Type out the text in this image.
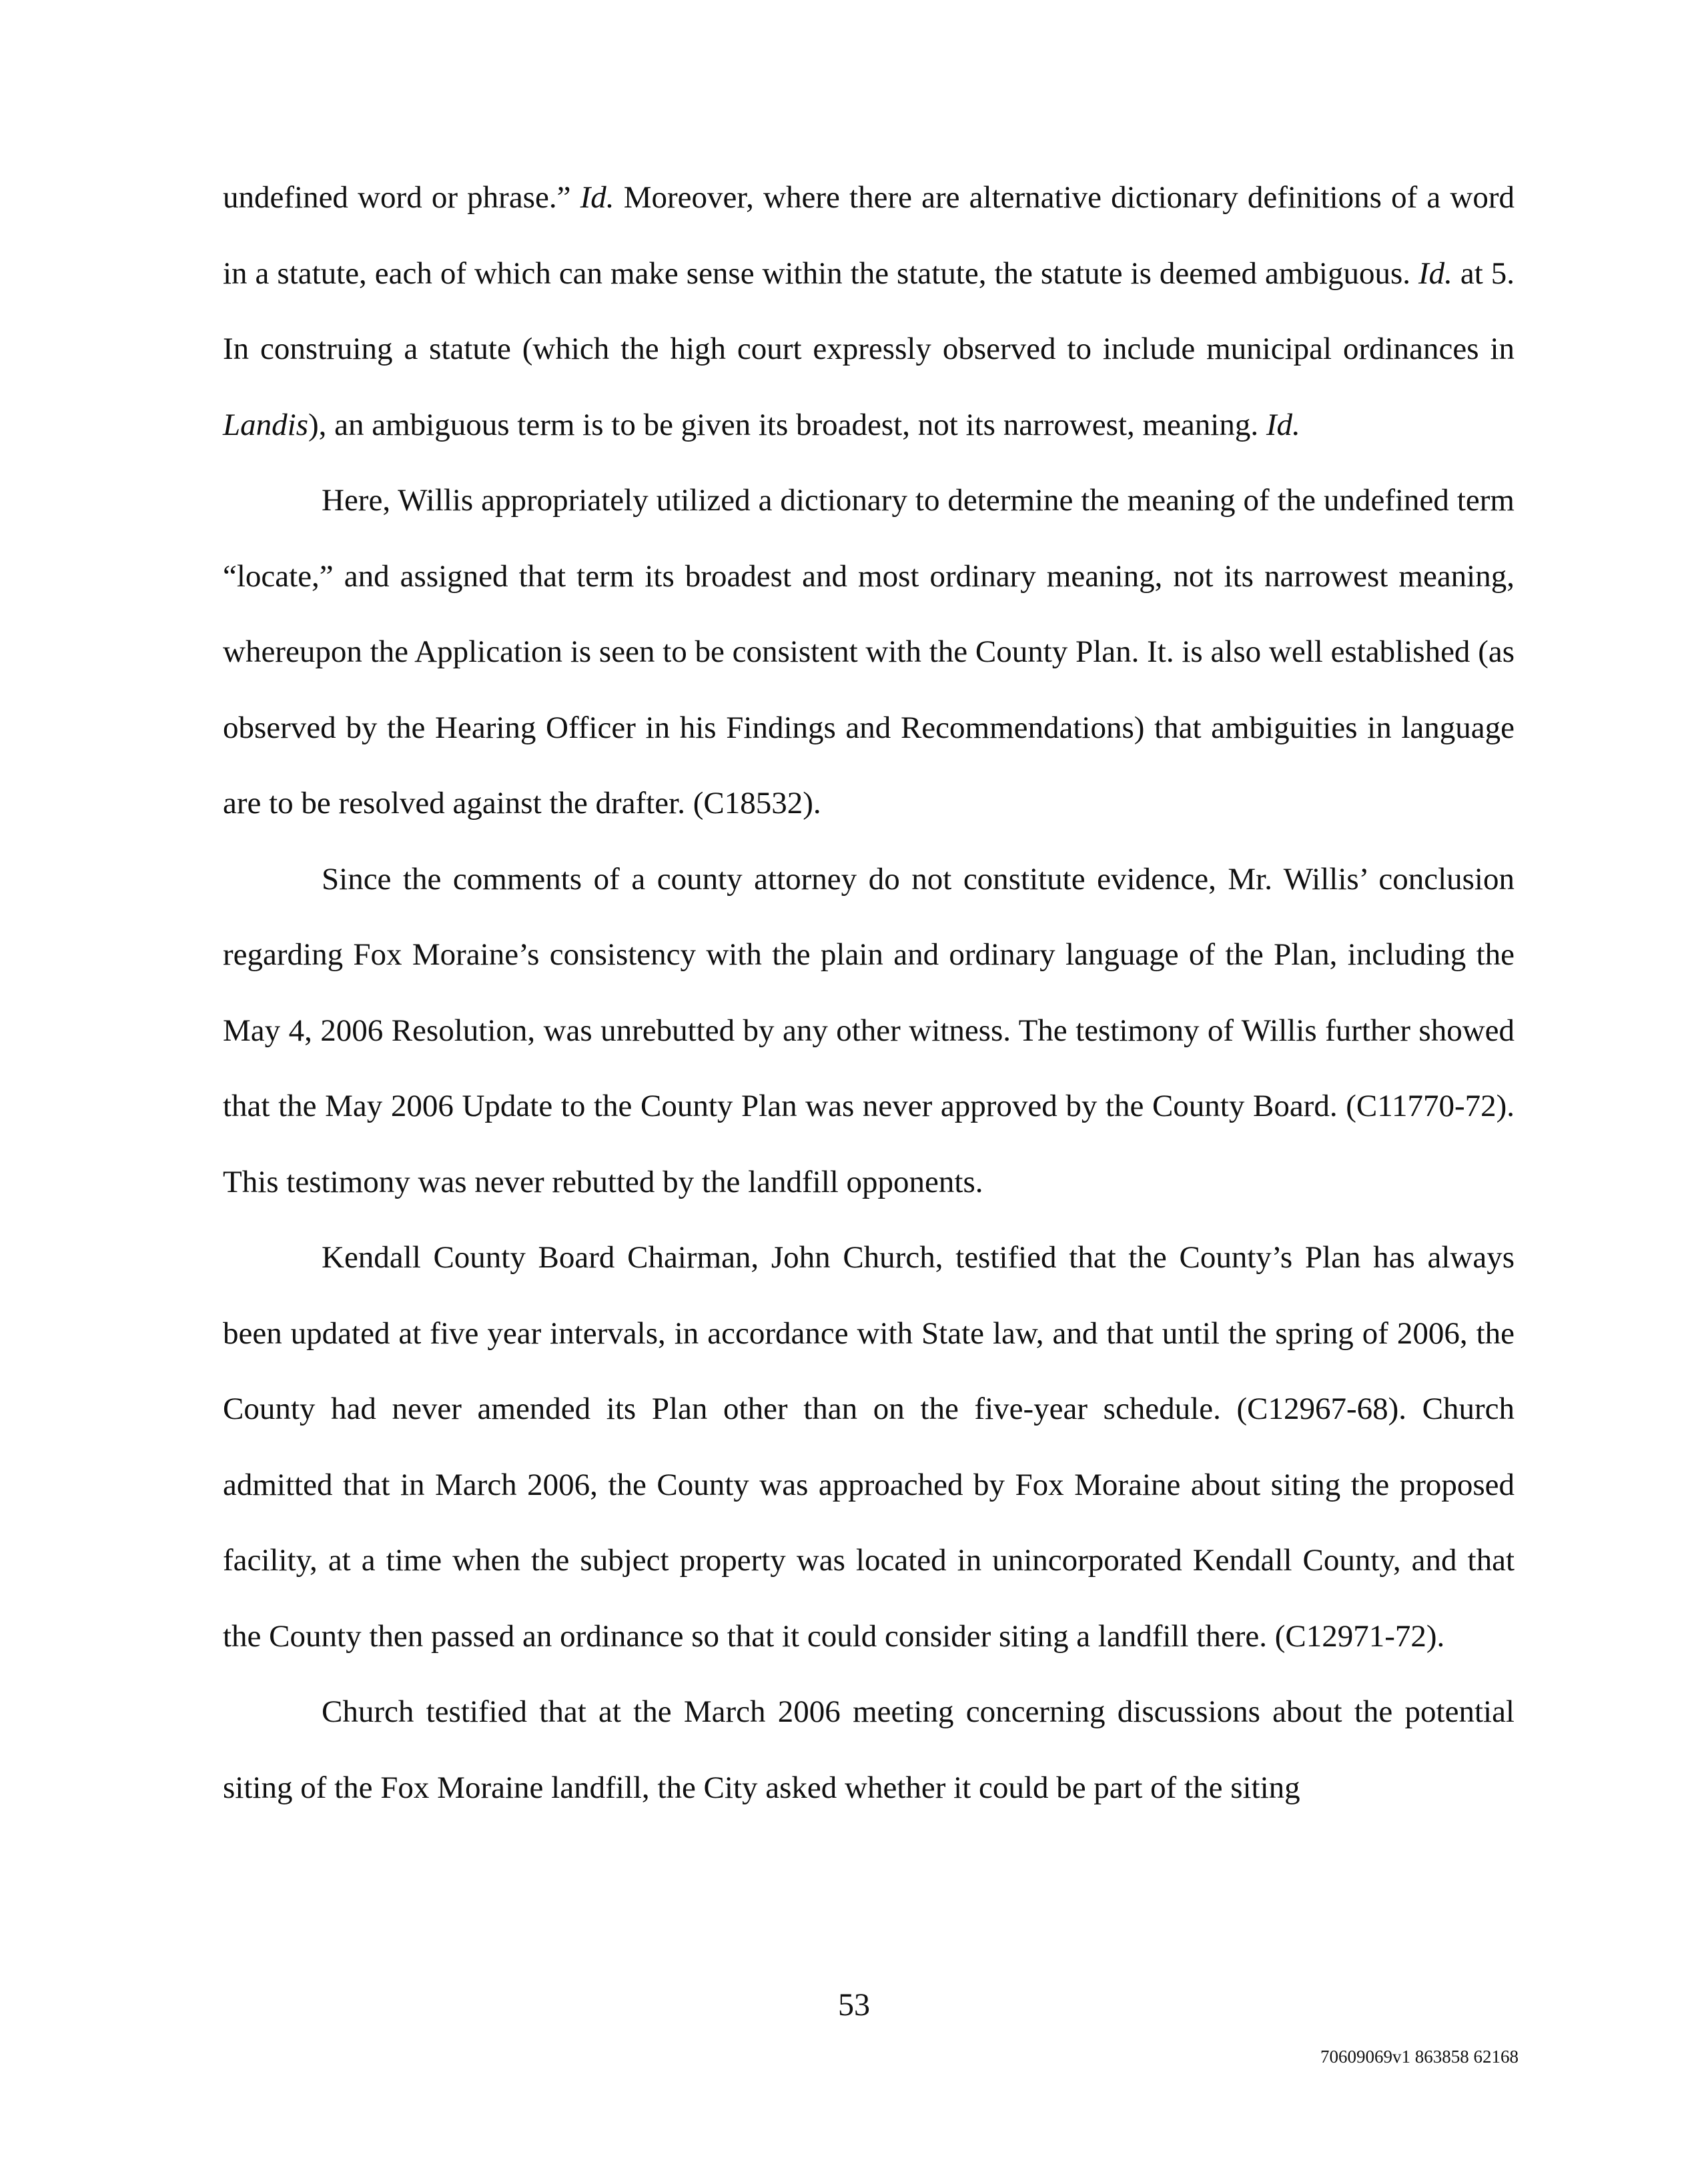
undefined word or phrase.” Id. Moreover, where there are alternative dictionary definitions of a word in a statute, each of which can make sense within the statute, the statute is deemed ambiguous. Id. at 5. In construing a statute (which the high court expressly observed to include municipal ordinances in Landis), an ambiguous term is to be given its broadest, not its narrowest, meaning. Id.

Here, Willis appropriately utilized a dictionary to determine the meaning of the undefined term “locate,” and assigned that term its broadest and most ordinary meaning, not its narrowest meaning, whereupon the Application is seen to be consistent with the County Plan. It. is also well established (as observed by the Hearing Officer in his Findings and Recommendations) that ambiguities in language are to be resolved against the drafter. (C18532).

Since the comments of a county attorney do not constitute evidence, Mr. Willis’ conclusion regarding Fox Moraine’s consistency with the plain and ordinary language of the Plan, including the May 4, 2006 Resolution, was unrebutted by any other witness. The testimony of Willis further showed that the May 2006 Update to the County Plan was never approved by the County Board. (C11770-72). This testimony was never rebutted by the landfill opponents.

Kendall County Board Chairman, John Church, testified that the County’s Plan has always been updated at five year intervals, in accordance with State law, and that until the spring of 2006, the County had never amended its Plan other than on the five-year schedule. (C12967-68). Church admitted that in March 2006, the County was approached by Fox Moraine about siting the proposed facility, at a time when the subject property was located in unincorporated Kendall County, and that the County then passed an ordinance so that it could consider siting a landfill there. (C12971-72).

Church testified that at the March 2006 meeting concerning discussions about the potential siting of the Fox Moraine landfill, the City asked whether it could be part of the siting

53
70609069v1 863858 62168
